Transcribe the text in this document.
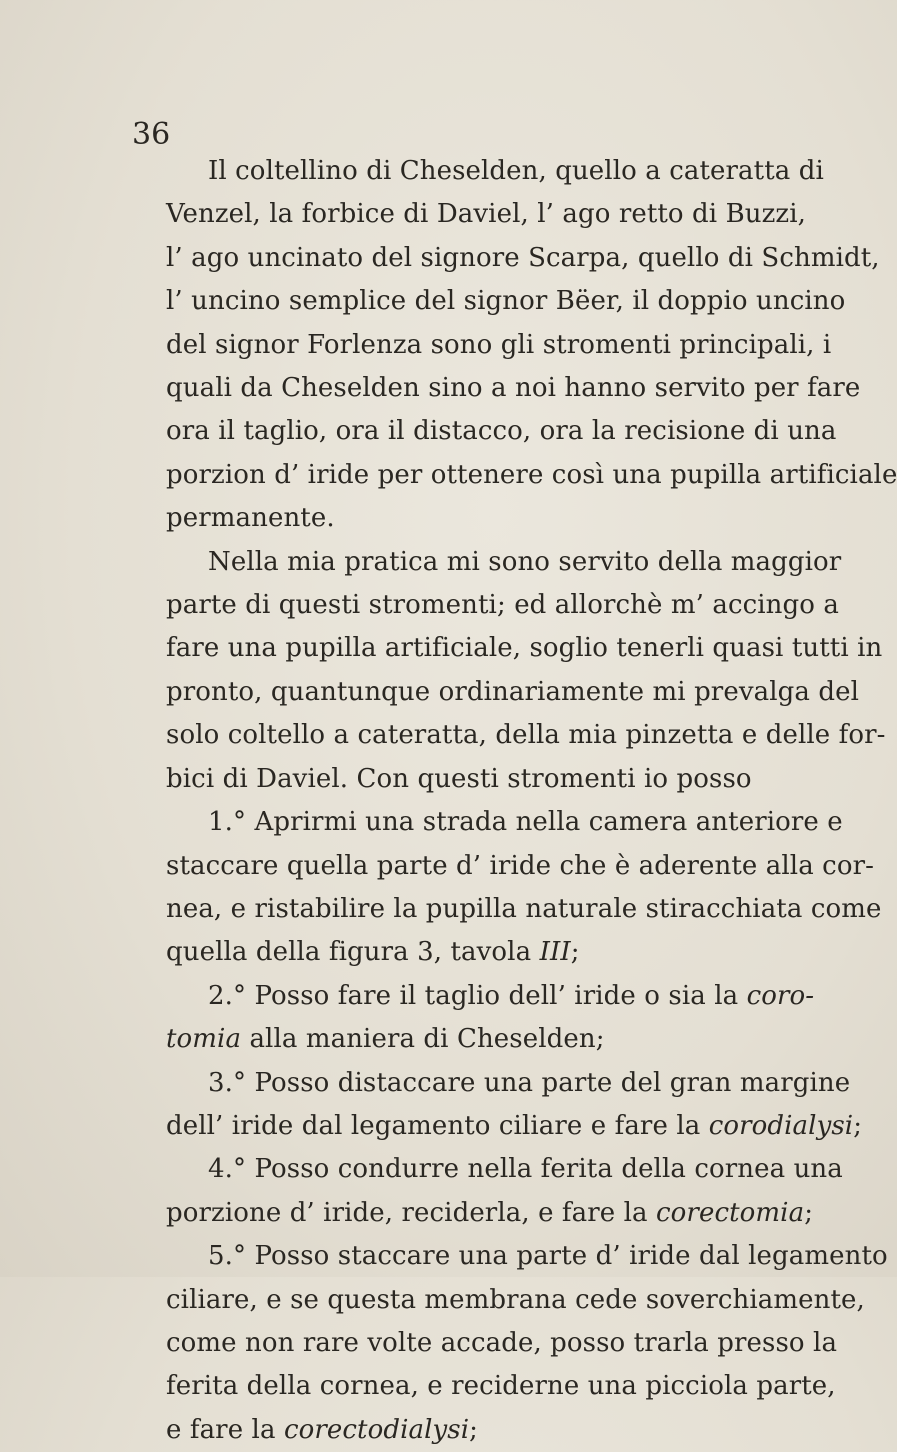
36
Il coltellino di Cheselden, quello a cateratta di
Venzel, la forbice di Daviel, l’ ago retto di Buzzi,
l’ ago uncinato del signore Scarpa, quello di Schmidt,
l’ uncino semplice del signor Bëer, il doppio uncino
del signor Forlenza sono gli stromenti principali, i
quali da Cheselden sino a noi hanno servito per fare
ora il taglio, ora il distacco, ora la recisione di una
porzion d’ iride per ottenere così una pupilla artificiale
permanente.
Nella mia pratica mi sono servito della maggior
parte di questi stromenti; ed allorchè m’ accingo a
fare una pupilla artificiale, soglio tenerli quasi tutti in
pronto, quantunque ordinariamente mi prevalga del
solo coltello a cateratta, della mia pinzetta e delle for-
bici di Daviel. Con questi stromenti io posso
1.° Aprirmi una strada nella camera anteriore e
staccare quella parte d’ iride che è aderente alla cor-
nea, e ristabilire la pupilla naturale stiracchiata come
quella della figura 3, tavola III;
2.° Posso fare il taglio dell’ iride o sia la coro-
tomia alla maniera di Cheselden;
3.° Posso distaccare una parte del gran margine
dell’ iride dal legamento ciliare e fare la corodialysi;
4.° Posso condurre nella ferita della cornea una
porzione d’ iride, reciderla, e fare la corectomia;
5.° Posso staccare una parte d’ iride dal legamento
ciliare, e se questa membrana cede soverchiamente,
come non rare volte accade, posso trarla presso la
ferita della cornea, e reciderne una picciola parte,
e fare la corectodialysi;
